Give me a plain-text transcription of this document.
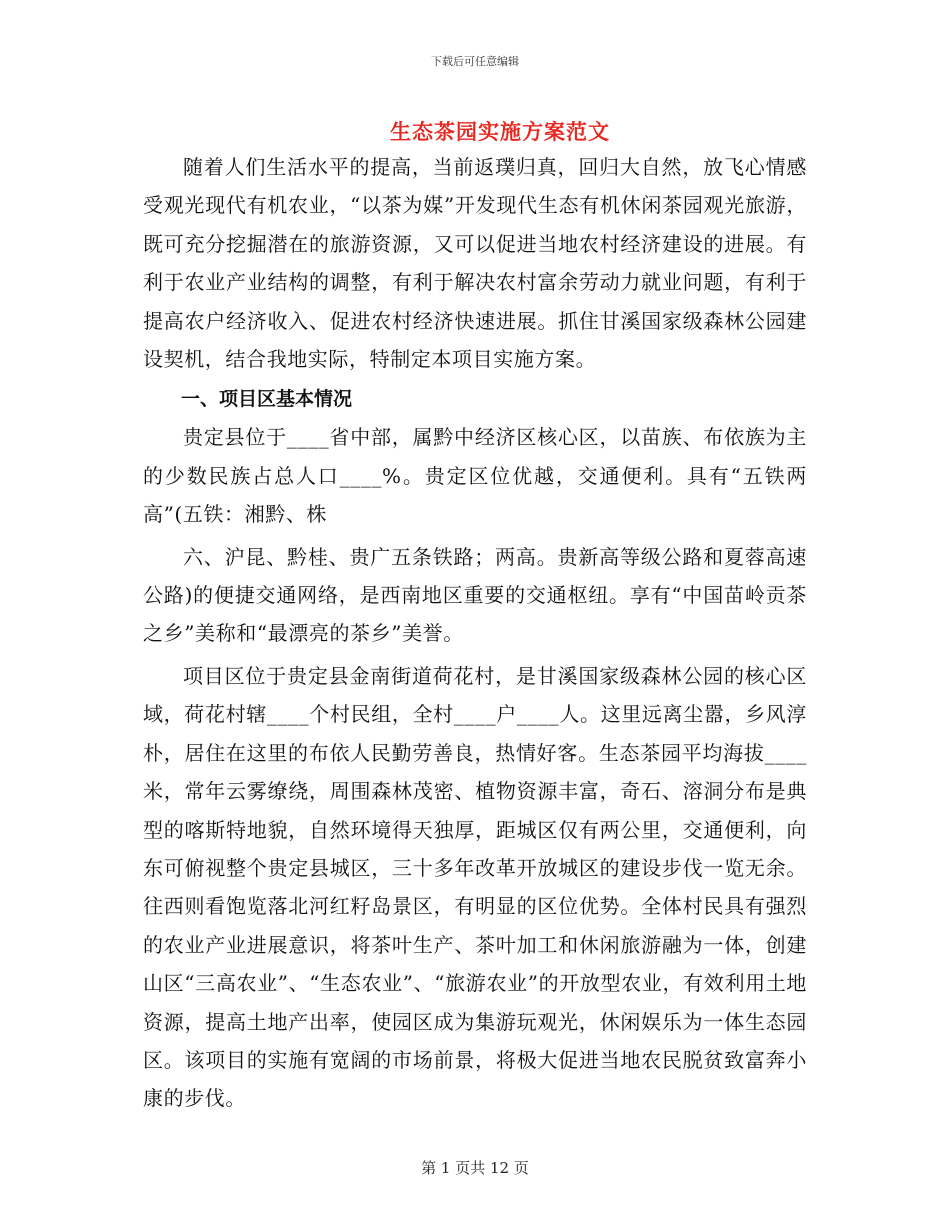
下载后可任意编辑
生态茶园实施方案范文

随着人们生活水平的提高，当前返璞归真，回归大自然，放飞心情感受观光现代有机农业，“以茶为媒”开发现代生态有机休闲茶园观光旅游，既可充分挖掘潜在的旅游资源，又可以促进当地农村经济建设的进展。有利于农业产业结构的调整，有利于解决农村富余劳动力就业问题，有利于提高农户经济收入、促进农村经济快速进展。抓住甘溪国家级森林公园建设契机，结合我地实际，特制定本项目实施方案。

一、项目区基本情况

贵定县位于____省中部，属黔中经济区核心区，以苗族、布依族为主的少数民族占总人口____%。贵定区位优越，交通便利。具有“五铁两高”(五铁：湘黔、株

六、沪昆、黔桂、贵广五条铁路；两高。贵新高等级公路和夏蓉高速公路)的便捷交通网络，是西南地区重要的交通枢纽。享有“中国苗岭贡茶之乡”美称和“最漂亮的茶乡”美誉。

项目区位于贵定县金南街道荷花村，是甘溪国家级森林公园的核心区域，荷花村辖____个村民组，全村____户____人。这里远离尘嚣，乡风淳朴，居住在这里的布依人民勤劳善良，热情好客。生态茶园平均海拔____米，常年云雾缭绕，周围森林茂密、植物资源丰富，奇石、溶洞分布是典型的喀斯特地貌，自然环境得天独厚，距城区仅有两公里，交通便利，向东可俯视整个贵定县城区，三十多年改革开放城区的建设步伐一览无余。往西则看饱览落北河红籽岛景区，有明显的区位优势。全体村民具有强烈的农业产业进展意识，将茶叶生产、茶叶加工和休闲旅游融为一体，创建山区“三高农业”、“生态农业”、“旅游农业”的开放型农业，有效利用土地资源，提高土地产出率，使园区成为集游玩观光，休闲娱乐为一体生态园区。该项目的实施有宽阔的市场前景，将极大促进当地农民脱贫致富奔小康的步伐。

第 1 页共 12 页
